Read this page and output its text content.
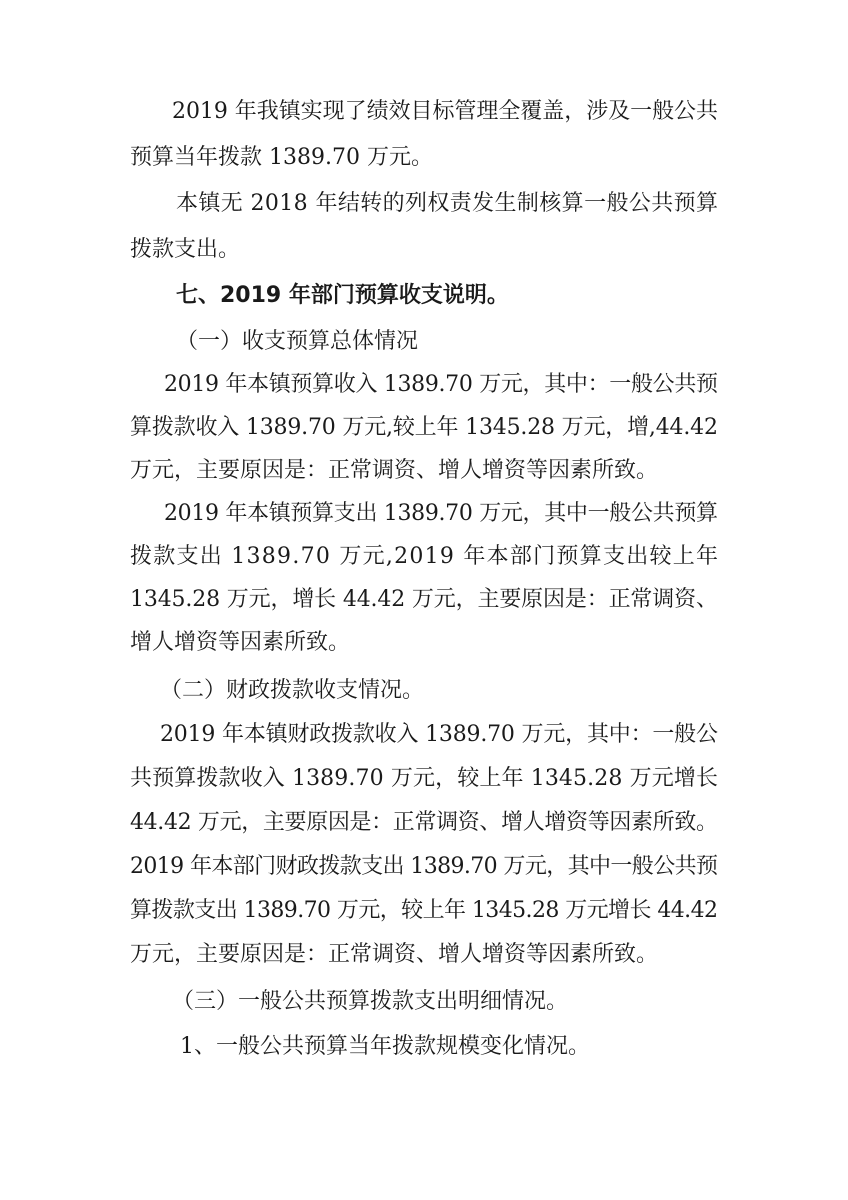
2019 年我镇实现了绩效目标管理全覆盖，涉及一般公共
预算当年拨款 1389.70 万元。
本镇无 2018 年结转的列权责发生制核算一般公共预算
拨款支出。
七、2019 年部门预算收支说明。
（一）收支预算总体情况
2019 年本镇预算收入 1389.70 万元，其中：一般公共预
算拨款收入 1389.70 万元,较上年 1345.28 万元，增,44.42
万元，主要原因是：正常调资、增人增资等因素所致。
2019 年本镇预算支出 1389.70 万元，其中一般公共预算
拨款支出 1389.70 万元,2019 年本部门预算支出较上年
1345.28 万元，增长 44.42 万元，主要原因是：正常调资、
增人增资等因素所致。
（二）财政拨款收支情况。
2019 年本镇财政拨款收入 1389.70 万元，其中：一般公
共预算拨款收入 1389.70 万元，较上年 1345.28 万元增长
44.42 万元，主要原因是：正常调资、增人增资等因素所致。
2019 年本部门财政拨款支出 1389.70 万元，其中一般公共预
算拨款支出 1389.70 万元，较上年 1345.28 万元增长 44.42
万元，主要原因是：正常调资、增人增资等因素所致。
（三）一般公共预算拨款支出明细情况。
1、一般公共预算当年拨款规模变化情况。
